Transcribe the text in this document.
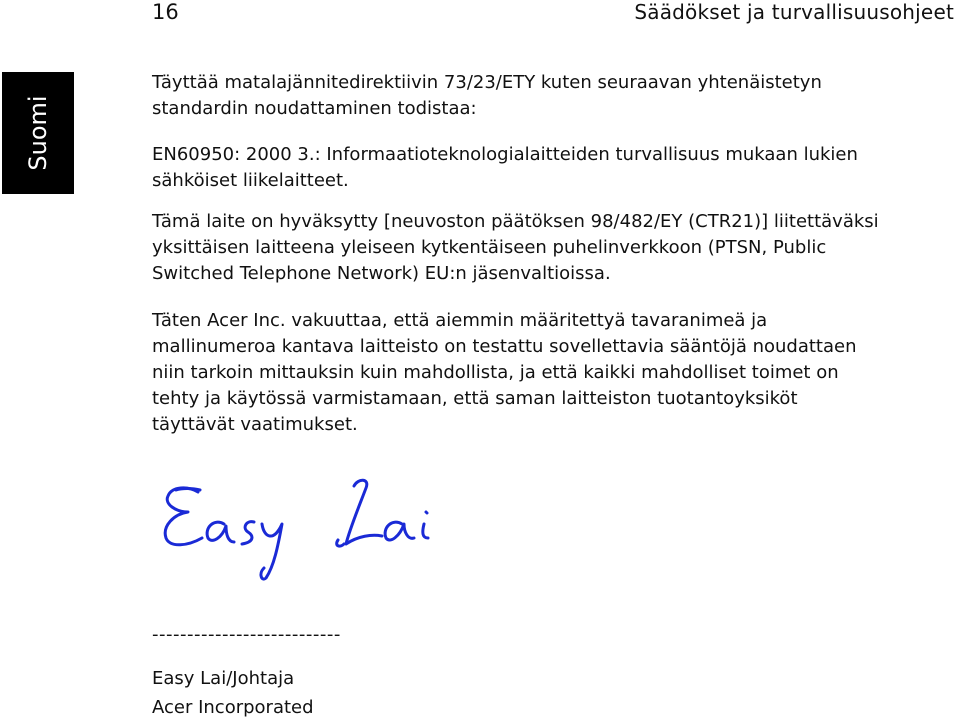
16	Säädökset ja turvallisuusohjeet
Suomi
Täyttää matalajännitedirektiivin 73/23/ETY kuten seuraavan yhtenäistetyn
standardin noudattaminen todistaa:
EN60950: 2000 3.: Informaatioteknologialaitteiden turvallisuus mukaan lukien
sähköiset liikelaitteet.
Tämä laite on hyväksytty [neuvoston päätöksen 98/482/EY (CTR21)] liitettäväksi
yksittäisen laitteena yleiseen kytkentäiseen puhelinverkkoon (PTSN, Public
Switched Telephone Network) EU:n jäsenvaltioissa.
Täten Acer Inc. vakuuttaa, että aiemmin määritettyä tavaranimeä ja
mallinumeroa kantava laitteisto on testattu sovellettavia sääntöjä noudattaen
niin tarkoin mittauksin kuin mahdollista, ja että kaikki mahdolliset toimet on
tehty ja käytössä varmistamaan, että saman laitteiston tuotantoyksiköt
täyttävät vaatimukset.
---------------------------
Easy Lai/Johtaja
Acer Incorporated
